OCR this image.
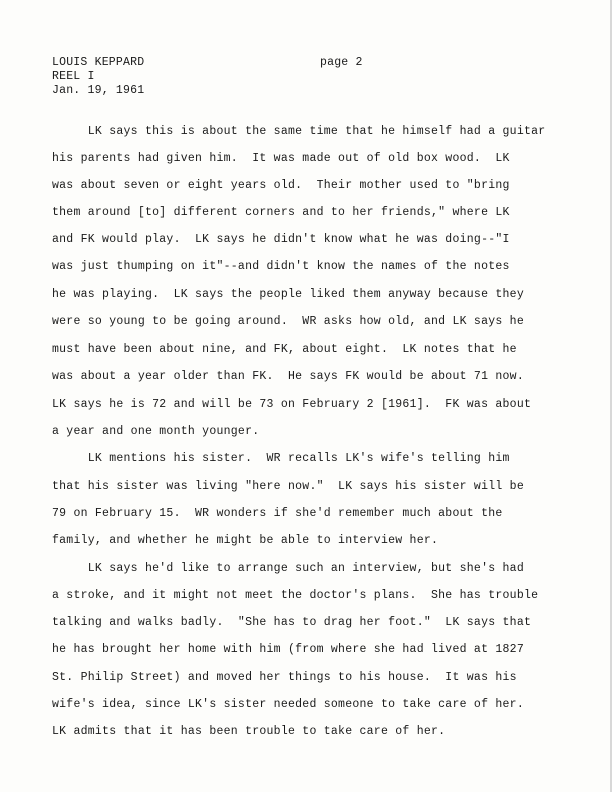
LOUIS KEPPARD
REEL I
Jan. 19, 1961
page 2
LK says this is about the same time that he himself had a guitar
his parents had given him.  It was made out of old box wood.  LK
was about seven or eight years old.  Their mother used to "bring
them around [to] different corners and to her friends," where LK
and FK would play.  LK says he didn't know what he was doing--"I
was just thumping on it"--and didn't know the names of the notes
he was playing.  LK says the people liked them anyway because they
were so young to be going around.  WR asks how old, and LK says he
must have been about nine, and FK, about eight.  LK notes that he
was about a year older than FK.  He says FK would be about 71 now.
LK says he is 72 and will be 73 on February 2 [1961].  FK was about
a year and one month younger.
LK mentions his sister.  WR recalls LK's wife's telling him
that his sister was living "here now."  LK says his sister will be
79 on February 15.  WR wonders if she'd remember much about the
family, and whether he might be able to interview her.
LK says he'd like to arrange such an interview, but she's had
a stroke, and it might not meet the doctor's plans.  She has trouble
talking and walks badly.  "She has to drag her foot."  LK says that
he has brought her home with him (from where she had lived at 1827
St. Philip Street) and moved her things to his house.  It was his
wife's idea, since LK's sister needed someone to take care of her.
LK admits that it has been trouble to take care of her.
